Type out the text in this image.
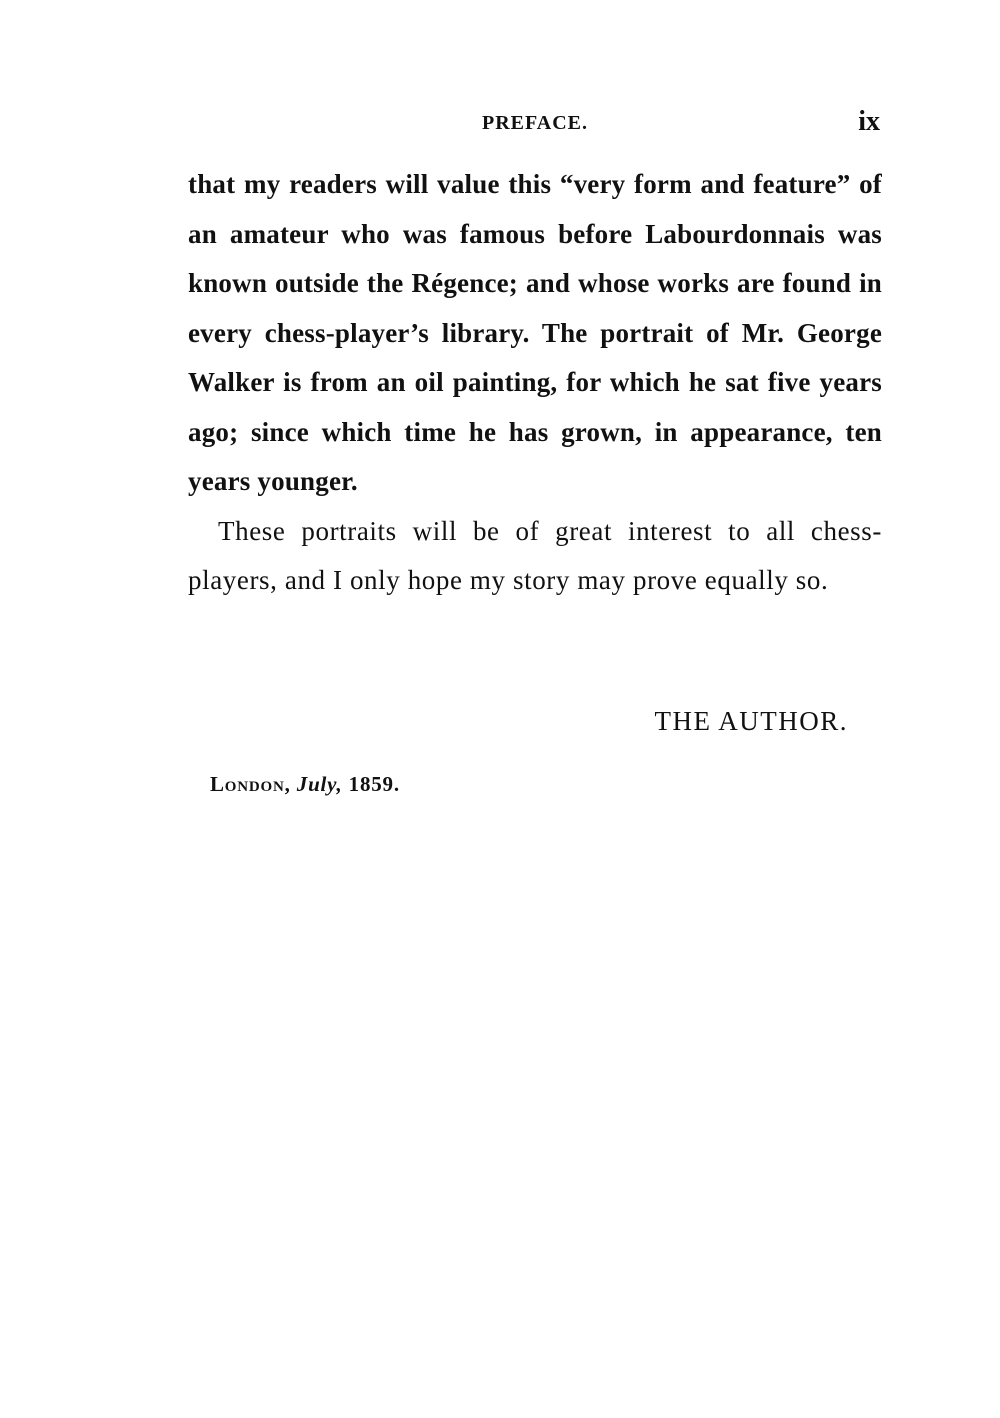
PREFACE.	ix

that my readers will value this “very form and feature” of an amateur who was famous before Labourdonnais was known outside the Régence; and whose works are found in every chess-player’s library. The portrait of Mr. George Walker is from an oil painting, for which he sat five years ago; since which time he has grown, in appearance, ten years younger.

These portraits will be of great interest to all chess-players, and I only hope my story may prove equally so.

THE AUTHOR.
London, July, 1859.
